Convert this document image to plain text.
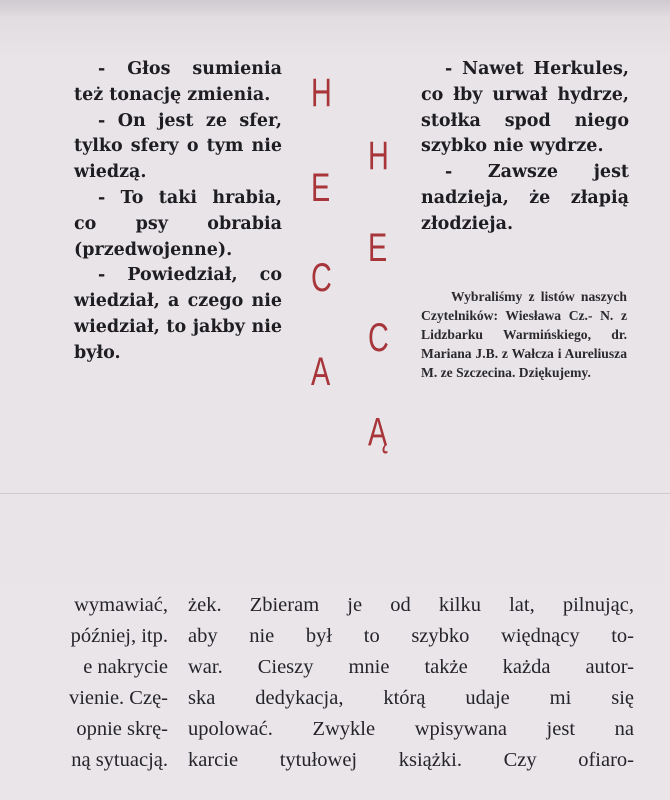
- Głos sumienia też tonację zmienia.
- On jest ze sfer, tylko sfery o tym nie wiedzą.
- To taki hrabia, co psy obrabia (przedwojenne).
- Powiedział, co wiedział, a czego nie wiedział, to jakby nie było.
H
E
C
A
H
E
C
Ą
- Nawet Herkules, co łby urwał hydrze, stołka spod niego szybko nie wydrze.
- Zawsze jest nadzieja, że złapią złodzieja.
Wybraliśmy z listów naszych Czytelników: Wiesława Cz.- N. z Lidzbarku Warmińskiego, dr. Mariana J.B. z Wałcza i Aureliusza M. ze Szczecina. Dziękujemy.
wymawiać,
później, itp.
e nakrycie
vienie. Czę-
opnie skrę-
ną sytuacją.
żek. Zbieram je od kilku lat, pilnując,
aby nie był to szybko więdnący to-
war. Cieszy mnie także każda autor-
ska dedykacja, którą udaje mi się
upolować. Zwykle wpisywana jest na
karcie tytułowej książki. Czy ofiaro-
